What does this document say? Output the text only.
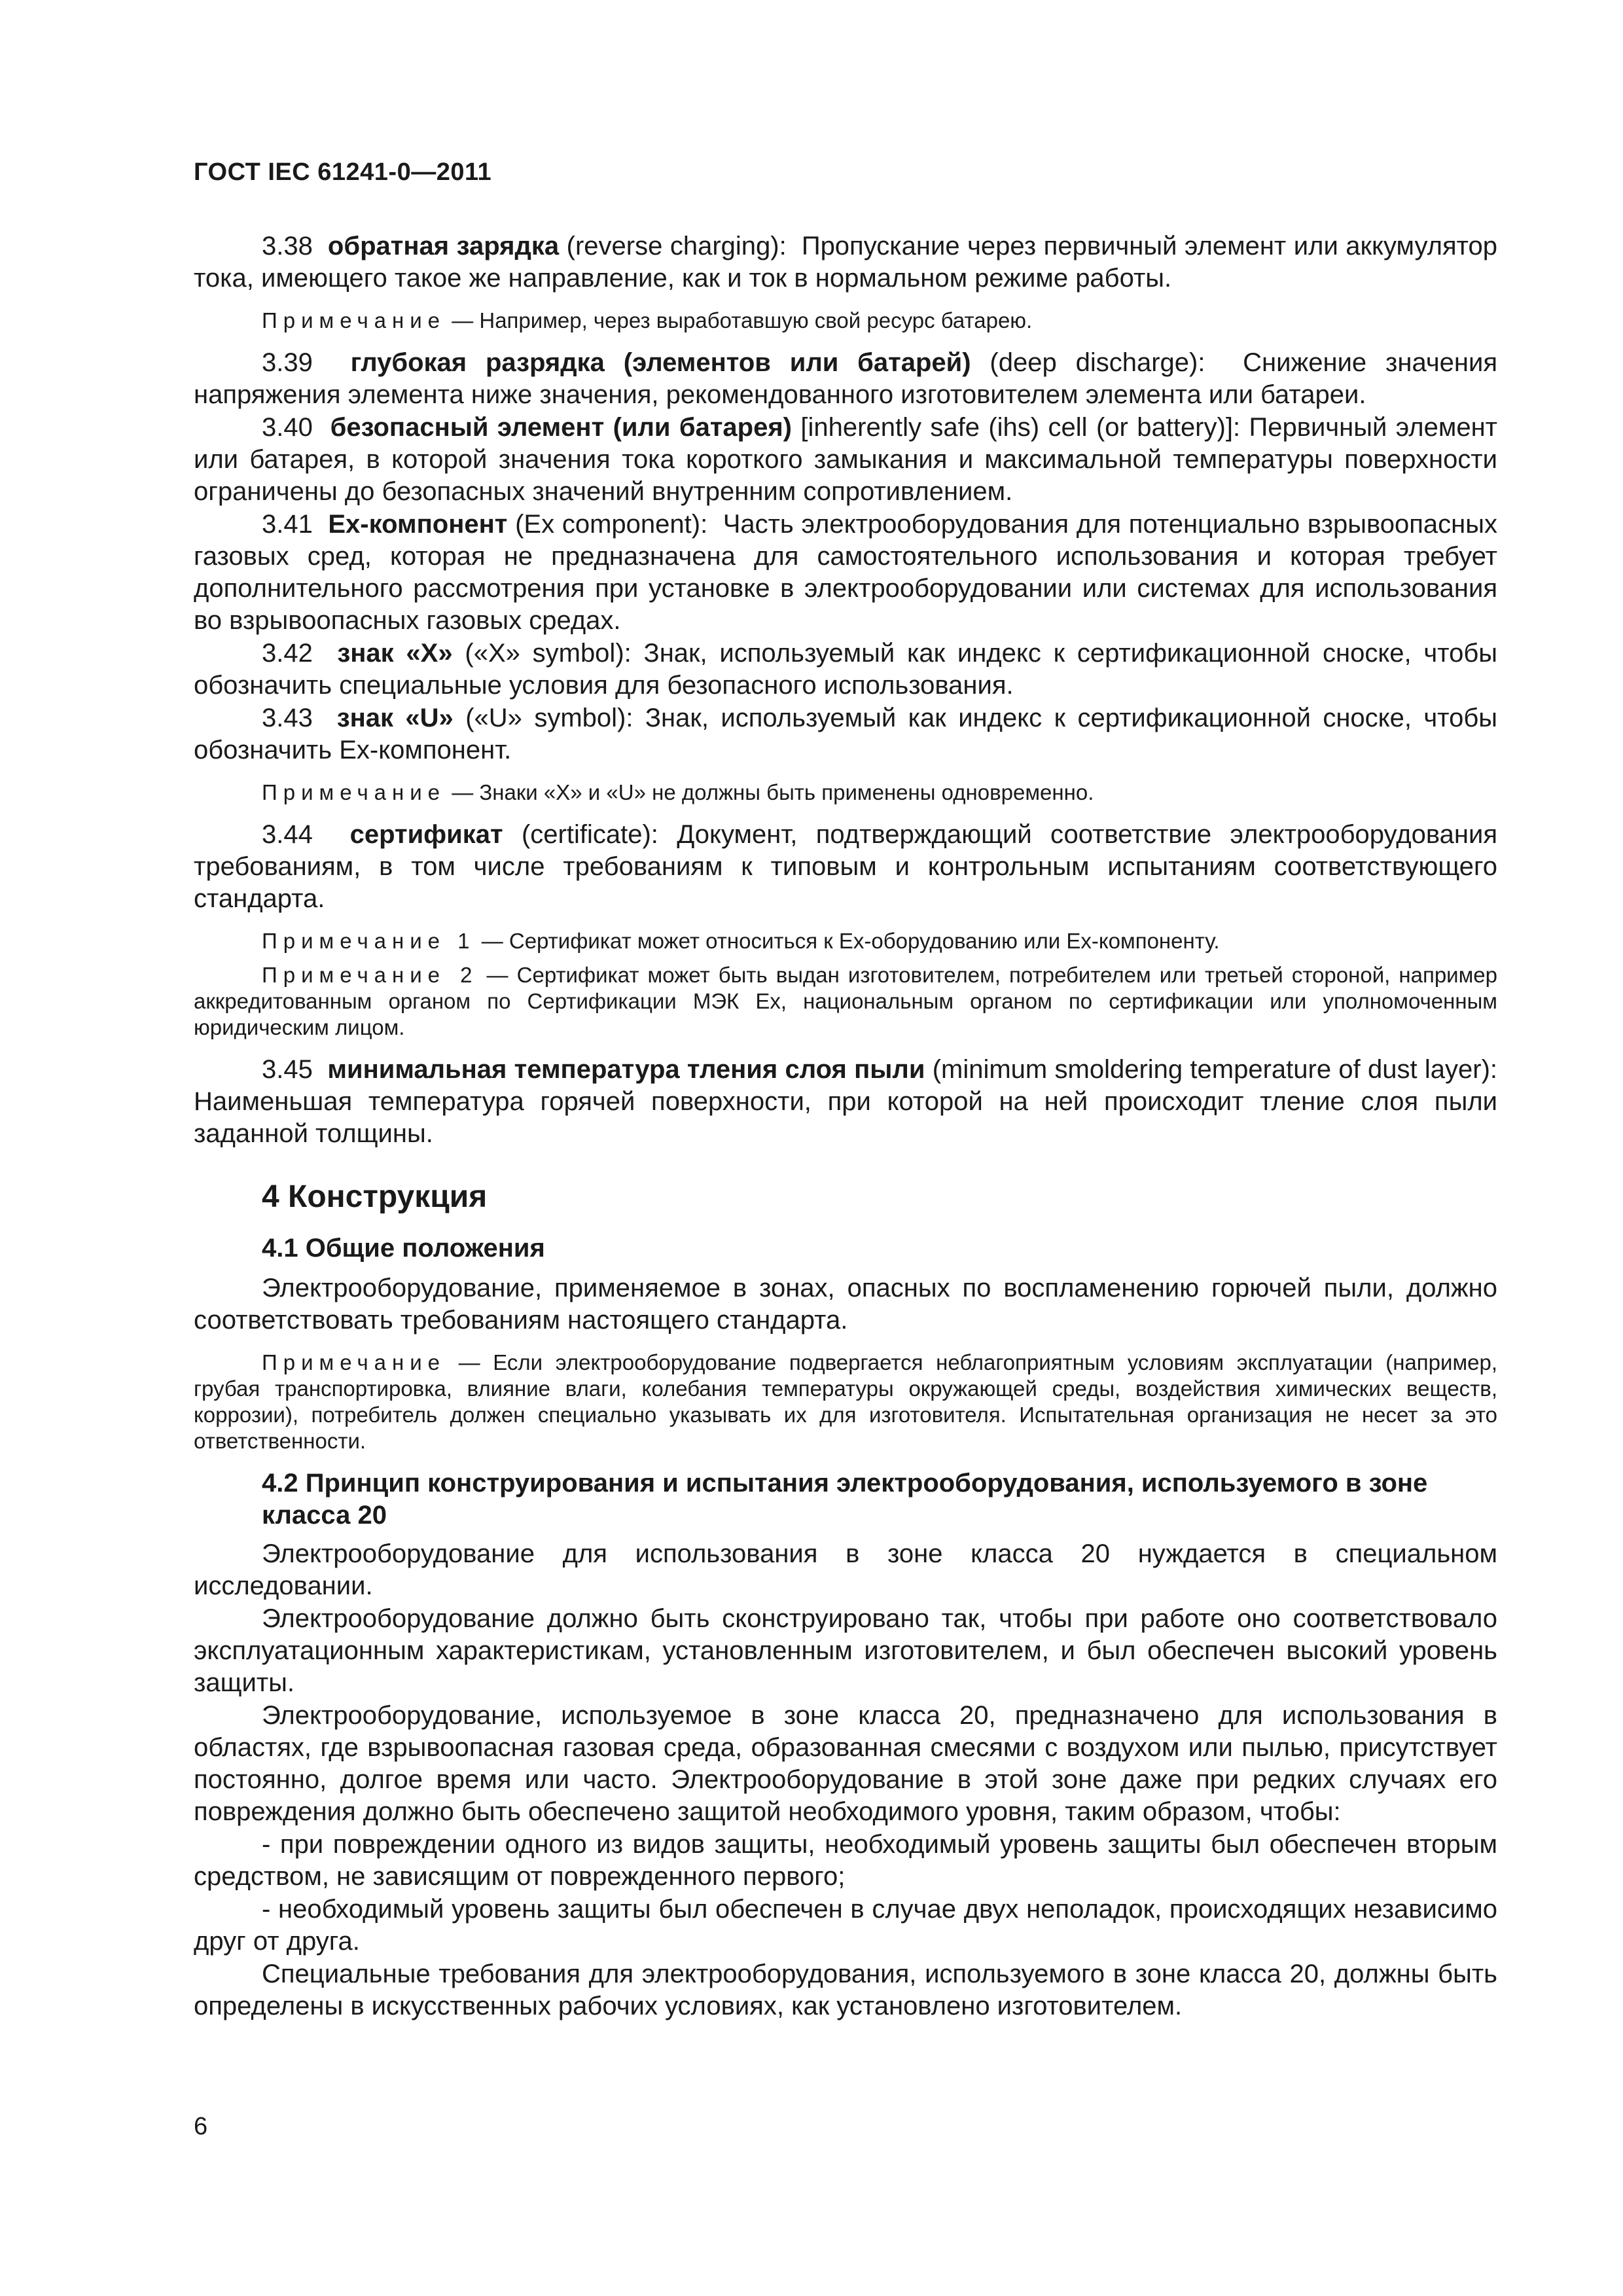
ГОСТ IEC 61241-0—2011

3.38 обратная зарядка (reverse charging): Пропускание через первичный элемент или аккумулятор тока, имеющего такое же направление, как и ток в нормальном режиме работы.

Примечание — Например, через выработавшую свой ресурс батарею.

3.39 глубокая разрядка (элементов или батарей) (deep discharge): Снижение значения напряжения элемента ниже значения, рекомендованного изготовителем элемента или батареи.

3.40 безопасный элемент (или батарея) [inherently safe (ihs) cell (or battery)]: Первичный элемент или батарея, в которой значения тока короткого замыкания и максимальной температуры поверхности ограничены до безопасных значений внутренним сопротивлением.

3.41 Ex-компонент (Ex component): Часть электрооборудования для потенциально взрывоопасных газовых сред, которая не предназначена для самостоятельного использования и которая требует дополнительного рассмотрения при установке в электрооборудовании или системах для использования во взрывоопасных газовых средах.

3.42 знак «X» («X» symbol): Знак, используемый как индекс к сертификационной сноске, чтобы обозначить специальные условия для безопасного использования.

3.43 знак «U» («U» symbol): Знак, используемый как индекс к сертификационной сноске, чтобы обозначить Ex-компонент.

Примечание — Знаки «X» и «U» не должны быть применены одновременно.

3.44 сертификат (certificate): Документ, подтверждающий соответствие электрооборудования требованиям, в том числе требованиям к типовым и контрольным испытаниям соответствующего стандарта.

Примечание 1 — Сертификат может относиться к Ex-оборудованию или Ex-компоненту.

Примечание 2 — Сертификат может быть выдан изготовителем, потребителем или третьей стороной, например аккредитованным органом по Сертификации МЭК Ex, национальным органом по сертификации или уполномоченным юридическим лицом.

3.45 минимальная температура тления слоя пыли (minimum smoldering temperature of dust layer): Наименьшая температура горячей поверхности, при которой на ней происходит тление слоя пыли заданной толщины.

4 Конструкция
4.1 Общие положения

Электрооборудование, применяемое в зонах, опасных по воспламенению горючей пыли, должно соответствовать требованиям настоящего стандарта.

Примечание — Если электрооборудование подвергается неблагоприятным условиям эксплуатации (например, грубая транспортировка, влияние влаги, колебания температуры окружающей среды, воздействия химических веществ, коррозии), потребитель должен специально указывать их для изготовителя. Испытательная организация не несет за это ответственности.

4.2 Принцип конструирования и испытания электрооборудования, используемого в зоне класса 20

Электрооборудование для использования в зоне класса 20 нуждается в специальном исследовании.

Электрооборудование должно быть сконструировано так, чтобы при работе оно соответствовало эксплуатационным характеристикам, установленным изготовителем, и был обеспечен высокий уровень защиты.

Электрооборудование, используемое в зоне класса 20, предназначено для использования в областях, где взрывоопасная газовая среда, образованная смесями с воздухом или пылью, присутствует постоянно, долгое время или часто. Электрооборудование в этой зоне даже при редких случаях его повреждения должно быть обеспечено защитой необходимого уровня, таким образом, чтобы:

- при повреждении одного из видов защиты, необходимый уровень защиты был обеспечен вторым средством, не зависящим от поврежденного первого;

- необходимый уровень защиты был обеспечен в случае двух неполадок, происходящих независимо друг от друга.

Специальные требования для электрооборудования, используемого в зоне класса 20, должны быть определены в искусственных рабочих условиях, как установлено изготовителем.

6
